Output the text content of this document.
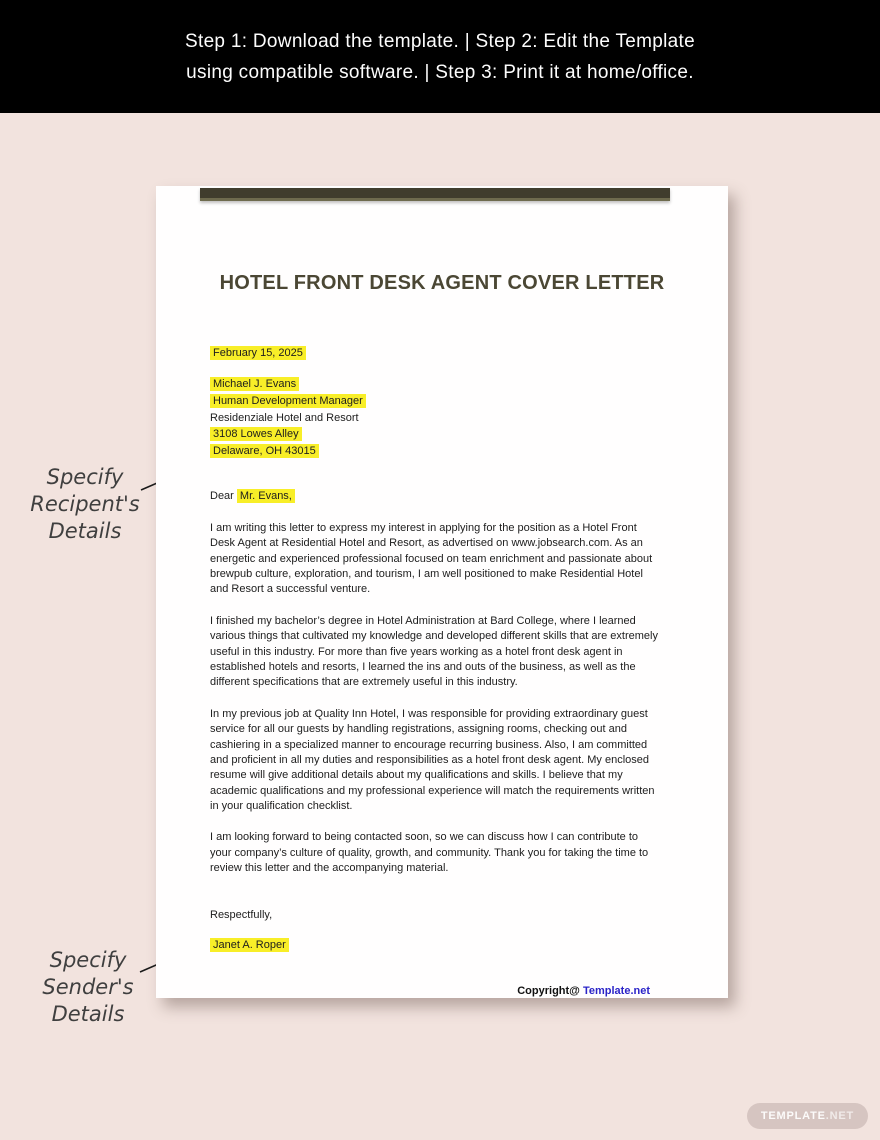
Step 1: Download the template. | Step 2: Edit the Template
using compatible software. | Step 3: Print it at home/office.
Specify
Recipent's
Details
Specify
Sender's
Details
HOTEL FRONT DESK AGENT COVER LETTER

February 15, 2025

Michael J. Evans
Human Development Manager
Residenziale Hotel and Resort
3108 Lowes Alley
Delaware, OH 43015

Dear Mr. Evans,

I am writing this letter to express my interest in applying for the position as a Hotel Front Desk Agent at Residential Hotel and Resort, as advertised on www.jobsearch.com. As an energetic and experienced professional focused on team enrichment and passionate about brewpub culture, exploration, and tourism, I am well positioned to make Residential Hotel and Resort a successful venture.

I finished my bachelor’s degree in Hotel Administration at Bard College, where I learned various things that cultivated my knowledge and developed different skills that are extremely useful in this industry. For more than five years working as a hotel front desk agent in established hotels and resorts, I learned the ins and outs of the business, as well as the different specifications that are extremely useful in this industry.

In my previous job at Quality Inn Hotel, I was responsible for providing extraordinary guest service for all our guests by handling registrations, assigning rooms, checking out and cashiering in a specialized manner to encourage recurring business. Also, I am committed and proficient in all my duties and responsibilities as a hotel front desk agent. My enclosed resume will give additional details about my qualifications and skills. I believe that my academic qualifications and my professional experience will match the requirements written in your qualification checklist.

I am looking forward to being contacted soon, so we can discuss how I can contribute to your company’s culture of quality, growth, and community. Thank you for taking the time to review this letter and the accompanying material.

Respectfully,

Janet A. Roper

Copyright@ Template.net

TEMPLATE .NET
